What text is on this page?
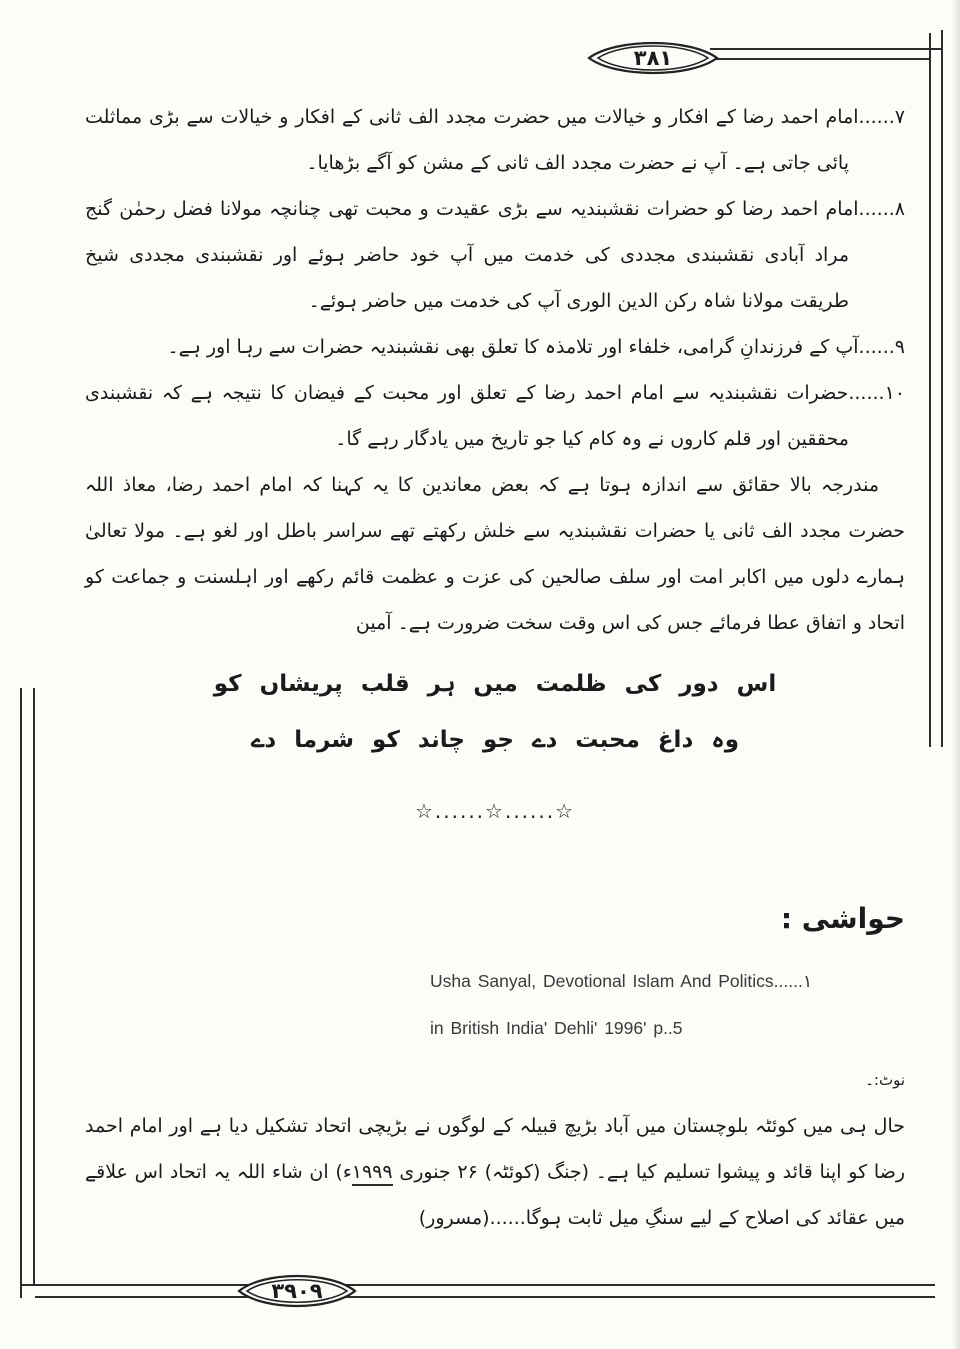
۳۸۱
۳۹۰۹

۷......امام احمد رضا کے افکار و خیالات میں حضرت مجدد الف ثانی کے افکار و خیالات سے بڑی مماثلت پائی جاتی ہے۔ آپ نے حضرت مجدد الف ثانی کے مشن کو آگے بڑھایا۔

۸......امام احمد رضا کو حضرات نقشبندیہ سے بڑی عقیدت و محبت تھی چنانچہ مولانا فضل رحمٰن گنج مراد آبادی نقشبندی مجددی کی خدمت میں آپ خود حاضر ہوئے اور نقشبندی مجددی شیخ طریقت مولانا شاہ رکن الدین الوری آپ کی خدمت میں حاضر ہوئے۔

۹......آپ کے فرزندانِ گرامی، خلفاء اور تلامذہ کا تعلق بھی نقشبندیہ حضرات سے رہا اور ہے۔

۱۰......حضرات نقشبندیہ سے امام احمد رضا کے تعلق اور محبت کے فیضان کا نتیجہ ہے کہ نقشبندی محققین اور قلم کاروں نے وہ کام کیا جو تاریخ میں یادگار رہے گا۔

مندرجہ بالا حقائق سے اندازہ ہوتا ہے کہ بعض معاندین کا یہ کہنا کہ امام احمد رضا، معاذ اللہ حضرت مجدد الف ثانی یا حضرات نقشبندیہ سے خلش رکھتے تھے سراسر باطل اور لغو ہے۔ مولا تعالیٰ ہمارے دلوں میں اکابر امت اور سلف صالحین کی عزت و عظمت قائم رکھے اور اہلسنت و جماعت کو اتحاد و اتفاق عطا فرمائے جس کی اس وقت سخت ضرورت ہے۔ آمین

اس دور کی ظلمت میں ہر قلب پریشاں کو
وہ داغ محبت دے جو چاند کو شرما دے
☆......☆......☆
حواشی :
Usha Sanyal, Devotional Islam And Politics......۱
in British India' Dehli' 1996' p..5

نوٹ:۔

حال ہی میں کوئٹہ بلوچستان میں آباد بڑیچ قبیلہ کے لوگوں نے بڑیچی اتحاد تشکیل دیا ہے اور امام احمد رضا کو اپنا قائد و پیشوا تسلیم کیا ہے۔ (جنگ (کوئٹہ) ۲۶ جنوری ۱۹۹۹ء) ان شاء اللہ یہ اتحاد اس علاقے میں عقائد کی اصلاح کے لیے سنگِ میل ثابت ہوگا......(مسرور)
